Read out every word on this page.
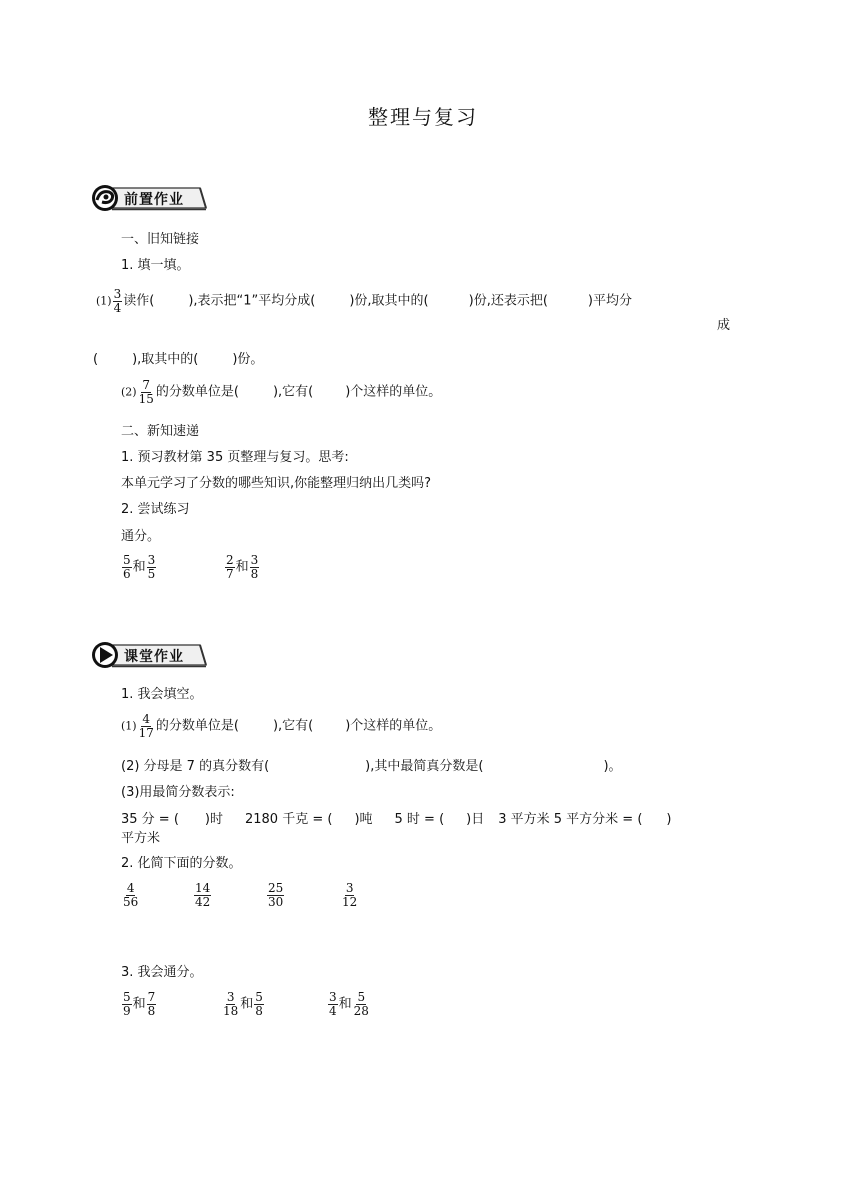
整理与复习
前置作业
一、旧知链接
1. 填一填。
$(1) \frac{3}{4}$ 读作(	),表示把“1”平均分成(	)份,取其中的(	)份,还表示把(	)平均分
成
(	),取其中的(	)份。
$(2) \frac{7}{15}$ 的分数单位是(	),它有( )个这样的单位。
二、新知速递
1. 预习教材第 35 页整理与复习。思考:
本单元学习了分数的哪些知识,你能整理归纳出几类吗?
2. 尝试练习
通分。
$\frac{5}{6}$ 和 $\frac{3}{5}$	$\frac{2}{7}$ 和 $\frac{3}{8}$
课堂作业
1. 我会填空。
$(1) \frac{4}{17}$ 的分数单位是(	),它有( )个这样的单位。
(2) 分母是 7 的真分数有(	),其中最简真分数是(	)。
(3)用最简分数表示:
35 分 = ( )时 2180 千克 = ( )吨 5 时 = ( )日 3 平方米 5 平方分米 = ( )
平方米
2. 化简下面的分数。
$\frac{4}{56}$	$\frac{14}{42}$	$\frac{25}{30}$	$\frac{3}{12}$
3. 我会通分。
$\frac{5}{9}$ 和 $\frac{7}{8}$	$\frac{3}{18}$ 和 $\frac{5}{8}$	$\frac{3}{4}$ 和 $\frac{5}{28}$
